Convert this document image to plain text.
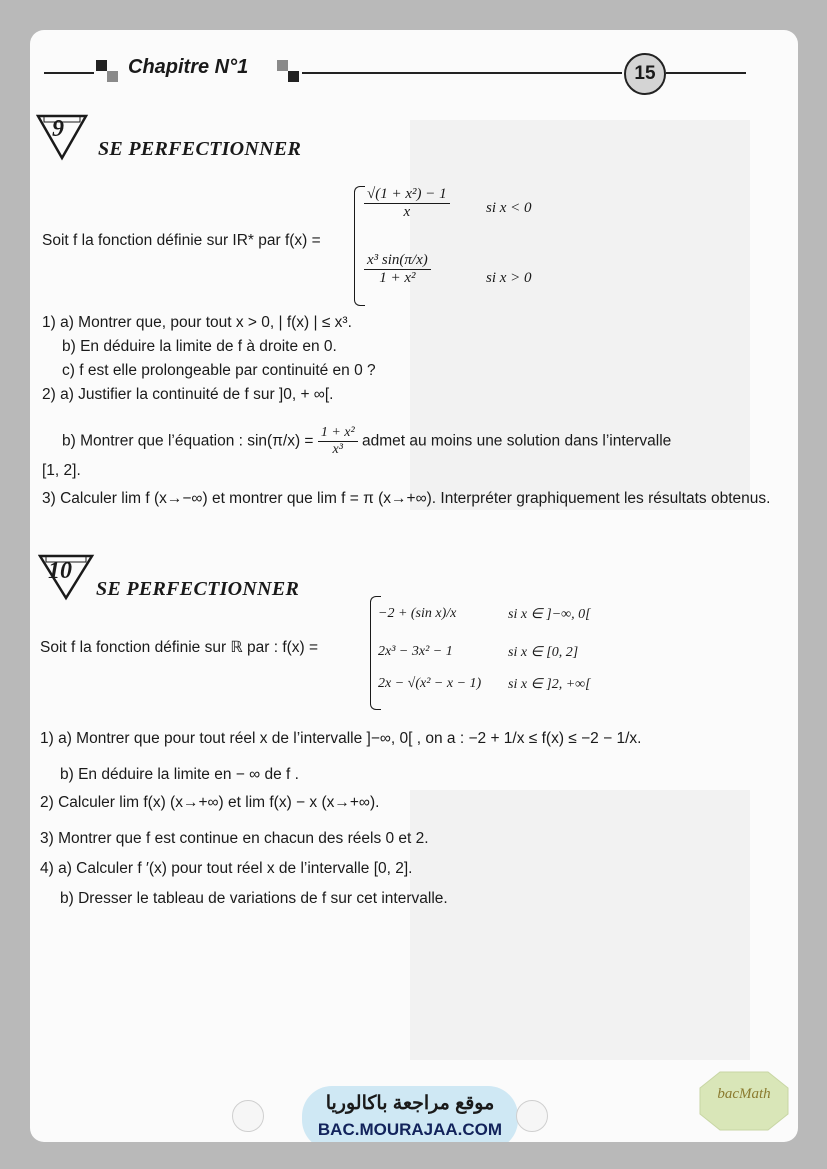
Chapitre N°1	15
9
SE PERFECTIONNER
Soit f la fonction définie sur IR* par f(x) =
$\frac{\text{√(1 + x²) − 1}}{x}$ si x < 0
$\frac{\text{x³ sin(π/x)}}{\text{1 + x²}}$	si x > 0
1) a) Montrer que, pour tout x > 0, | f(x) | ≤ x³.
b) En déduire la limite de f à droite en 0.
c) f est elle prolongeable par continuité en 0 ?
2) a) Justifier la continuité de f sur ]0, + ∞[.
b) Montrer que l’équation : $\sin(\pi/x) = \frac{\text{1 + x²}}{\text{x³}}$ admet au moins une solution dans l’intervalle
[1, 2].
3) Calculer lim f (x→−∞) et montrer que lim f = π (x→+∞). Interpréter graphiquement les résultats obtenus.
10
SE PERFECTIONNER
Soit f la fonction définie sur ℝ par : f(x) =
−2 + (sin x)/x	si x ∈ ]−∞, 0[
2x³ − 3x² − 1	si x ∈ [0, 2]
2x − √(x² − x − 1) si x ∈ ]2, +∞[
1) a) Montrer que pour tout réel x de l’intervalle ]−∞, 0[ , on a : −2 + 1/x ≤ f(x) ≤ −2 − 1/x.
b) En déduire la limite en − ∞ de f .
2) Calculer lim f(x) (x→+∞) et lim f(x) − x (x→+∞).
3) Montrer que f est continue en chacun des réels 0 et 2.
4) a) Calculer f ′(x) pour tout réel x de l’intervalle [0, 2].
b) Dresser le tableau de variations de f sur cet intervalle.
موقع مراجعة باكالوريا
BAC.MOURAJAA.COM
bacMath
